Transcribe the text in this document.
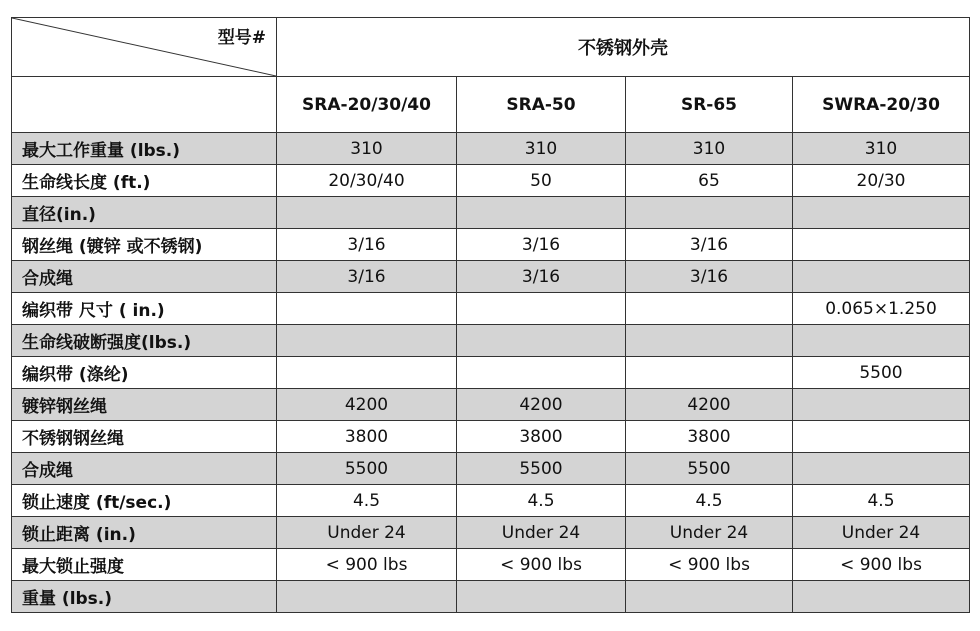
型号#	不锈钢外壳			
	SRA-20/30/40	SRA-50	SR-65	SWRA-20/30
最大工作重量 (lbs.)	310	310	310	310
生命线长度 (ft.)	20/30/40	50	65	20/30
直径(in.)				
钢丝绳 (镀锌 或不锈钢)	3/16	3/16	3/16	
合成绳	3/16	3/16	3/16	
编织带 尺寸 ( in.)				0.065×1.250
生命线破断强度(lbs.)				
编织带 (涤纶)				5500
镀锌钢丝绳	4200	4200	4200	
不锈钢钢丝绳	3800	3800	3800	
合成绳	5500	5500	5500	
锁止速度 (ft/sec.)	4.5	4.5	4.5	4.5
锁止距离 (in.)	Under 24	Under 24	Under 24	Under 24
最大锁止强度	< 900 lbs	< 900 lbs	< 900 lbs	< 900 lbs
重量 (lbs.)				
